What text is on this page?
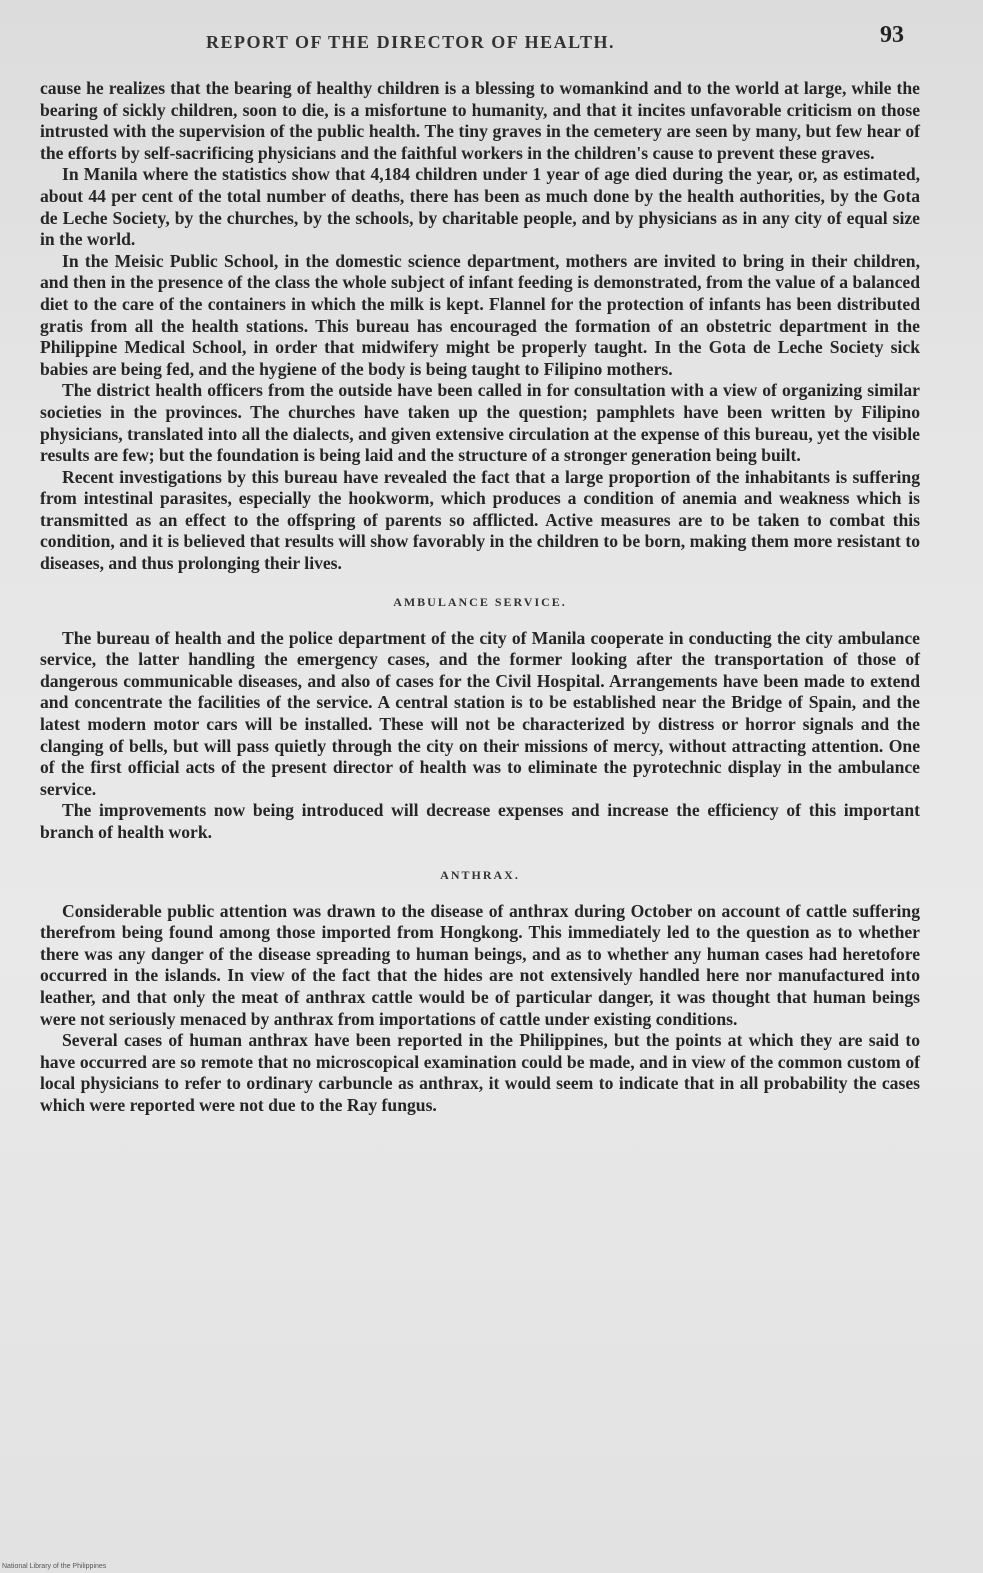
REPORT OF THE DIRECTOR OF HEALTH.	93

cause he realizes that the bearing of healthy children is a blessing to womankind and to the world at large, while the bearing of sickly children, soon to die, is a misfortune to humanity, and that it incites unfavorable criticism on those intrusted with the supervision of the public health. The tiny graves in the cemetery are seen by many, but few hear of the efforts by self-sacrificing physicians and the faithful workers in the children's cause to prevent these graves.

In Manila where the statistics show that 4,184 children under 1 year of age died during the year, or, as estimated, about 44 per cent of the total number of deaths, there has been as much done by the health authorities, by the Gota de Leche Society, by the churches, by the schools, by charitable people, and by physicians as in any city of equal size in the world.

In the Meisic Public School, in the domestic science department, mothers are invited to bring in their children, and then in the presence of the class the whole subject of infant feeding is demonstrated, from the value of a balanced diet to the care of the containers in which the milk is kept. Flannel for the protection of infants has been distributed gratis from all the health stations. This bureau has encouraged the formation of an obstetric department in the Philippine Medical School, in order that midwifery might be properly taught. In the Gota de Leche Society sick babies are being fed, and the hygiene of the body is being taught to Filipino mothers.

The district health officers from the outside have been called in for consultation with a view of organizing similar societies in the provinces. The churches have taken up the question; pamphlets have been written by Filipino physicians, translated into all the dialects, and given extensive circulation at the expense of this bureau, yet the visible results are few; but the foundation is being laid and the structure of a stronger generation being built.

Recent investigations by this bureau have revealed the fact that a large proportion of the inhabitants is suffering from intestinal parasites, especially the hookworm, which produces a condition of anemia and weakness which is transmitted as an effect to the offspring of parents so afflicted. Active measures are to be taken to combat this condition, and it is believed that results will show favorably in the children to be born, making them more resistant to diseases, and thus prolonging their lives.

AMBULANCE SERVICE.

The bureau of health and the police department of the city of Manila cooperate in conducting the city ambulance service, the latter handling the emergency cases, and the former looking after the transportation of those of dangerous communicable diseases, and also of cases for the Civil Hospital. Arrangements have been made to extend and concentrate the facilities of the service. A central station is to be established near the Bridge of Spain, and the latest modern motor cars will be installed. These will not be characterized by distress or horror signals and the clanging of bells, but will pass quietly through the city on their missions of mercy, without attracting attention. One of the first official acts of the present director of health was to eliminate the pyrotechnic display in the ambulance service.

The improvements now being introduced will decrease expenses and increase the efficiency of this important branch of health work.

ANTHRAX.

Considerable public attention was drawn to the disease of anthrax during October on account of cattle suffering therefrom being found among those imported from Hongkong. This immediately led to the question as to whether there was any danger of the disease spreading to human beings, and as to whether any human cases had heretofore occurred in the islands. In view of the fact that the hides are not extensively handled here nor manufactured into leather, and that only the meat of anthrax cattle would be of particular danger, it was thought that human beings were not seriously menaced by anthrax from importations of cattle under existing conditions.

Several cases of human anthrax have been reported in the Philippines, but the points at which they are said to have occurred are so remote that no microscopical examination could be made, and in view of the common custom of local physicians to refer to ordinary carbuncle as anthrax, it would seem to indicate that in all probability the cases which were reported were not due to the Ray fungus.

National Library of the Philippines
